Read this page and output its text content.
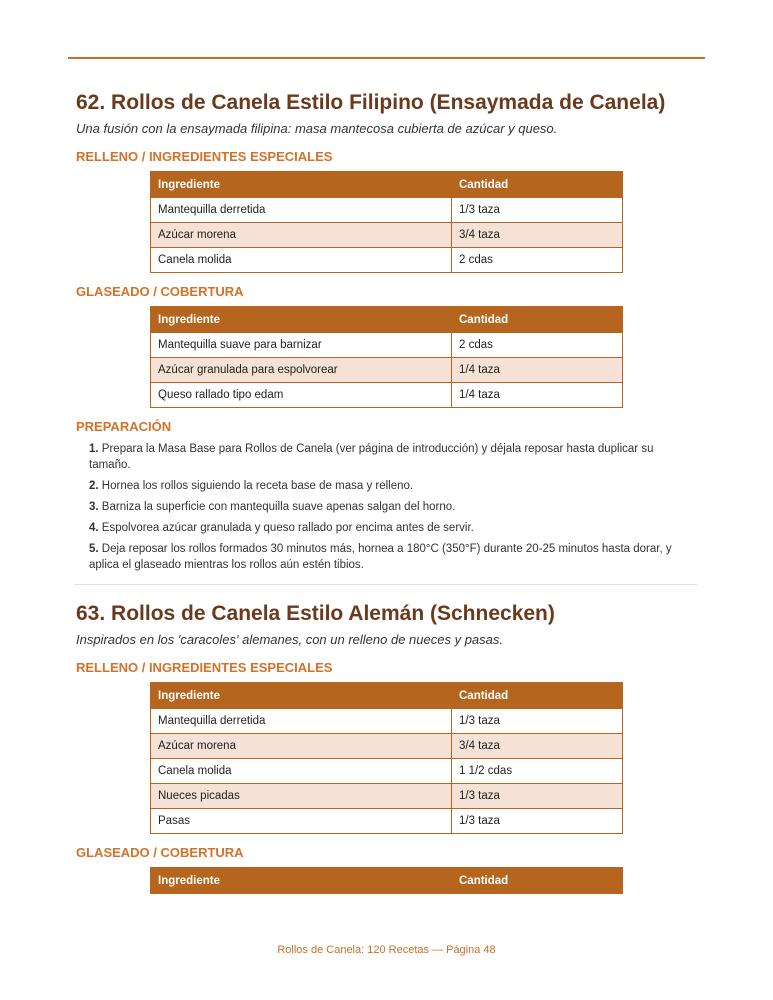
62. Rollos de Canela Estilo Filipino (Ensaymada de Canela)

Una fusión con la ensaymada filipina: masa mantecosa cubierta de azúcar y queso.

RELLENO / INGREDIENTES ESPECIALES
Ingrediente	Cantidad
Mantequilla derretida	1/3 taza
Azúcar morena	3/4 taza
Canela molida	2 cdas
GLASEADO / COBERTURA
Ingrediente	Cantidad
Mantequilla suave para barnizar	2 cdas
Azúcar granulada para espolvorear	1/4 taza
Queso rallado tipo edam	1/4 taza
PREPARACIÓN
1. Prepara la Masa Base para Rollos de Canela (ver página de introducción) y déjala reposar hasta duplicar su tamaño.
2. Hornea los rollos siguiendo la receta base de masa y relleno.
3. Barniza la superficie con mantequilla suave apenas salgan del horno.
4. Espolvorea azúcar granulada y queso rallado por encima antes de servir.
5. Deja reposar los rollos formados 30 minutos más, hornea a 180°C (350°F) durante 20-25 minutos hasta dorar, y aplica el glaseado mientras los rollos aún estén tibios.
63. Rollos de Canela Estilo Alemán (Schnecken)

Inspirados en los 'caracoles' alemanes, con un relleno de nueces y pasas.

RELLENO / INGREDIENTES ESPECIALES
Ingrediente	Cantidad
Mantequilla derretida	1/3 taza
Azúcar morena	3/4 taza
Canela molida	1 1/2 cdas
Nueces picadas	1/3 taza
Pasas	1/3 taza
GLASEADO / COBERTURA
Ingrediente	Cantidad
Rollos de Canela: 120 Recetas — Página 48
